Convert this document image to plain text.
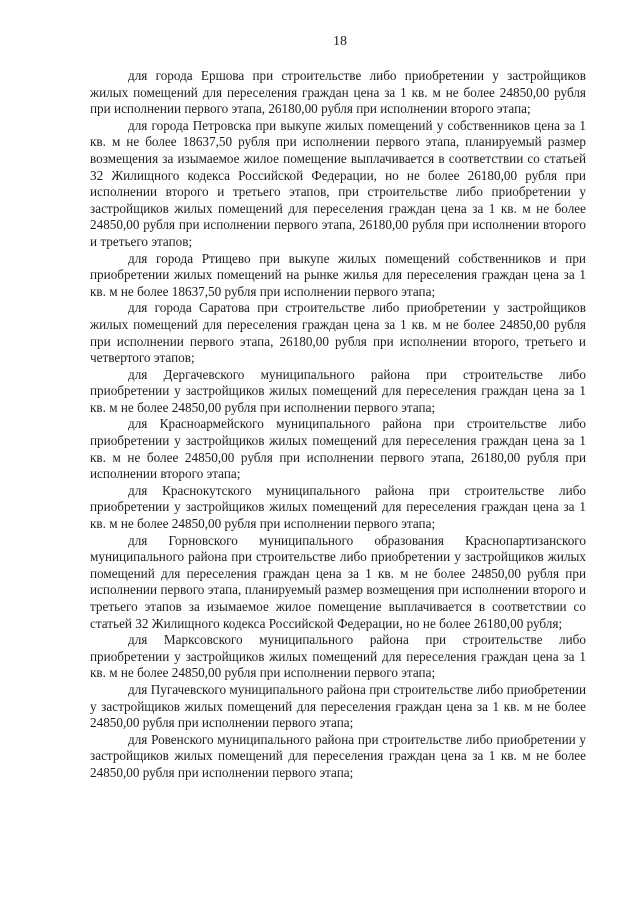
18

для города Ершова при строительстве либо приобретении у застройщиков жилых помещений для переселения граждан цена за 1 кв. м не более 24850,00 рубля при исполнении первого этапа, 26180,00 рубля при исполнении второго этапа;

для города Петровска при выкупе жилых помещений у собственников цена за 1 кв. м не более 18637,50 рубля при исполнении первого этапа, планируемый размер возмещения за изымаемое жилое помещение выплачивается в соответствии со статьей 32 Жилищного кодекса Российской Федерации, но не более 26180,00 рубля при исполнении второго и третьего этапов, при строительстве либо приобретении у застройщиков жилых помещений для переселения граждан цена за 1 кв. м не более 24850,00 рубля при исполнении первого этапа, 26180,00 рубля при исполнении второго и третьего этапов;

для города Ртищево при выкупе жилых помещений собственников и при приобретении жилых помещений на рынке жилья для переселения граждан цена за 1 кв. м не более 18637,50 рубля при исполнении первого этапа;

для города Саратова при строительстве либо приобретении у застройщиков жилых помещений для переселения граждан цена за 1 кв. м не более 24850,00 рубля при исполнении первого этапа, 26180,00 рубля при исполнении второго, третьего и четвертого этапов;

для Дергачевского муниципального района при строительстве либо приобретении у застройщиков жилых помещений для переселения граждан цена за 1 кв. м не более 24850,00 рубля при исполнении первого этапа;

для Красноармейского муниципального района при строительстве либо приобретении у застройщиков жилых помещений для переселения граждан цена за 1 кв. м не более 24850,00 рубля при исполнении первого этапа, 26180,00 рубля при исполнении второго этапа;

для Краснокутского муниципального района при строительстве либо приобретении у застройщиков жилых помещений для переселения граждан цена за 1 кв. м не более 24850,00 рубля при исполнении первого этапа;

для Горновского муниципального образования Краснопартизанского муниципального района при строительстве либо приобретении у застройщиков жилых помещений для переселения граждан цена за 1 кв. м не более 24850,00 рубля при исполнении первого этапа, планируемый размер возмещения при исполнении второго и третьего этапов за изымаемое жилое помещение выплачивается в соответствии со статьей 32 Жилищного кодекса Российской Федерации, но не более 26180,00 рубля;

для Марксовского муниципального района при строительстве либо приобретении у застройщиков жилых помещений для переселения граждан цена за 1 кв. м не более 24850,00 рубля при исполнении первого этапа;

для Пугачевского муниципального района при строительстве либо приобретении у застройщиков жилых помещений для переселения граждан цена за 1 кв. м не более 24850,00 рубля при исполнении первого этапа;

для Ровенского муниципального района при строительстве либо приобретении у застройщиков жилых помещений для переселения граждан цена за 1 кв. м не более 24850,00 рубля при исполнении первого этапа;
